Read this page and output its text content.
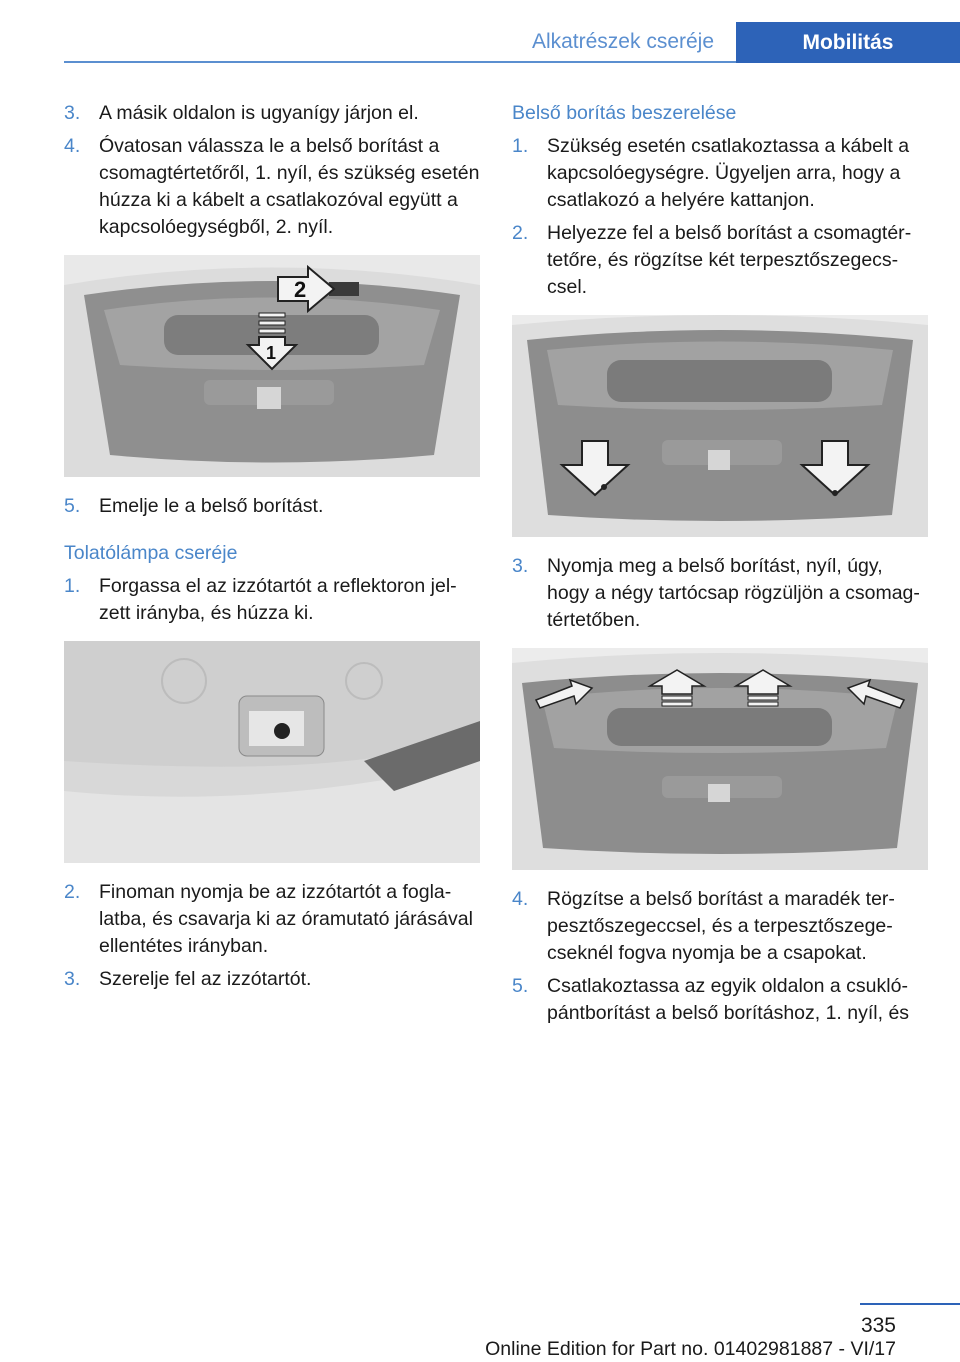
Alkatrészek cseréje	Mobilitás
3. A másik oldalon is ugyanígy járjon el.
4. Óvatosan válassza le a belső borítást a csomagtértetőről, 1. nyíl, és szükség esetén húzza ki a kábelt a csatlakozóval együtt a kapcsolóegységből, 2. nyíl.
2
1
5. Emelje le a belső borítást.
Tolatólámpa cseréje
1. Forgassa el az izzótartót a reflektoron jelzett irányba, és húzza ki.
2. Finoman nyomja be az izzótartót a foglalatba, és csavarja ki az óramutató járásával ellentétes irányban.
3. Szerelje fel az izzótartót.
Belső borítás beszerelése
1. Szükség esetén csatlakoztassa a kábelt a kapcsolóegységre. Ügyeljen arra, hogy a csatlakozó a helyére kattanjon.
2. Helyezze fel a belső borítást a csomagtértetőre, és rögzítse két terpesztőszegecscsel.
3. Nyomja meg a belső borítást, nyíl, úgy, hogy a négy tartócsap rögzüljön a csomagtértetőben.
4. Rögzítse a belső borítást a maradék terpesztőszegeccsel, és a terpesztőszegecseknél fogva nyomja be a csapokat.
5. Csatlakoztassa az egyik oldalon a csuklópántborítást a belső borításhoz, 1. nyíl, és
335
Online Edition for Part no. 01402981887 - VI/17
